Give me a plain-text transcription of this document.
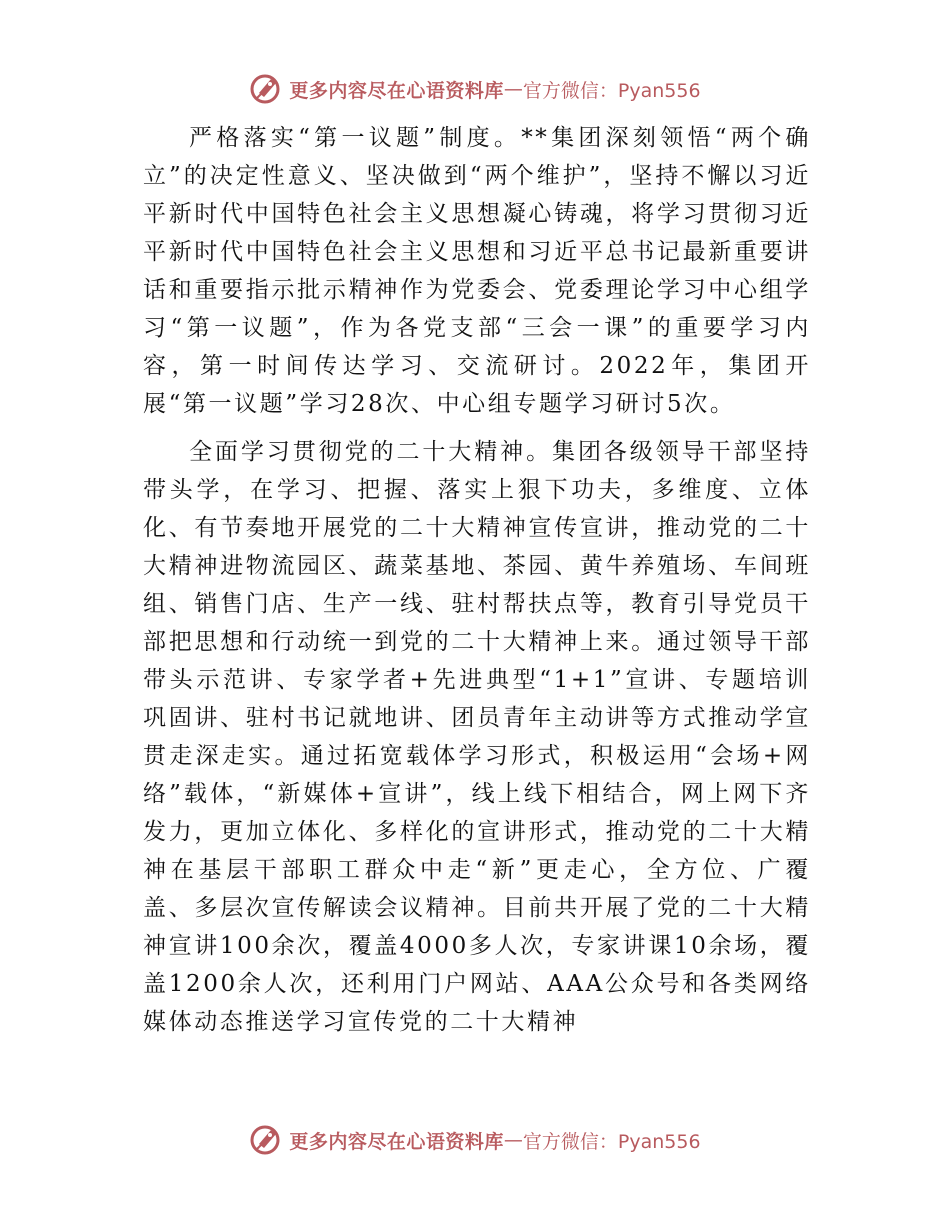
更多内容尽在心语资料库 — 官方微信：Pyan556

严格落实“第一议题”制度。**集团深刻领悟“两个确立”的决定性意义、坚决做到“两个维护”，坚持不懈以习近平新时代中国特色社会主义思想凝心铸魂，将学习贯彻习近平新时代中国特色社会主义思想和习近平总书记最新重要讲话和重要指示批示精神作为党委会、党委理论学习中心组学习“第一议题”，作为各党支部“三会一课”的重要学习内容，第一时间传达学习、交流研讨。2022年，集团开展“第一议题”学习28次、中心组专题学习研讨5次。

全面学习贯彻党的二十大精神。集团各级领导干部坚持带头学，在学习、把握、落实上狠下功夫，多维度、立体化、有节奏地开展党的二十大精神宣传宣讲，推动党的二十大精神进物流园区、蔬菜基地、茶园、黄牛养殖场、车间班组、销售门店、生产一线、驻村帮扶点等，教育引导党员干部把思想和行动统一到党的二十大精神上来。通过领导干部带头示范讲、专家学者+先进典型“1+1”宣讲、专题培训巩固讲、驻村书记就地讲、团员青年主动讲等方式推动学宣贯走深走实。通过拓宽载体学习形式，积极运用“会场+网络”载体，“新媒体+宣讲”，线上线下相结合，网上网下齐发力，更加立体化、多样化的宣讲形式，推动党的二十大精神在基层干部职工群众中走“新”更走心，全方位、广覆盖、多层次宣传解读会议精神。目前共开展了党的二十大精神宣讲100余次，覆盖4000多人次，专家讲课10余场，覆盖1200余人次，还利用门户网站、AAA公众号和各类网络媒体动态推送学习宣传党的二十大精神

更多内容尽在心语资料库 — 官方微信：Pyan556
